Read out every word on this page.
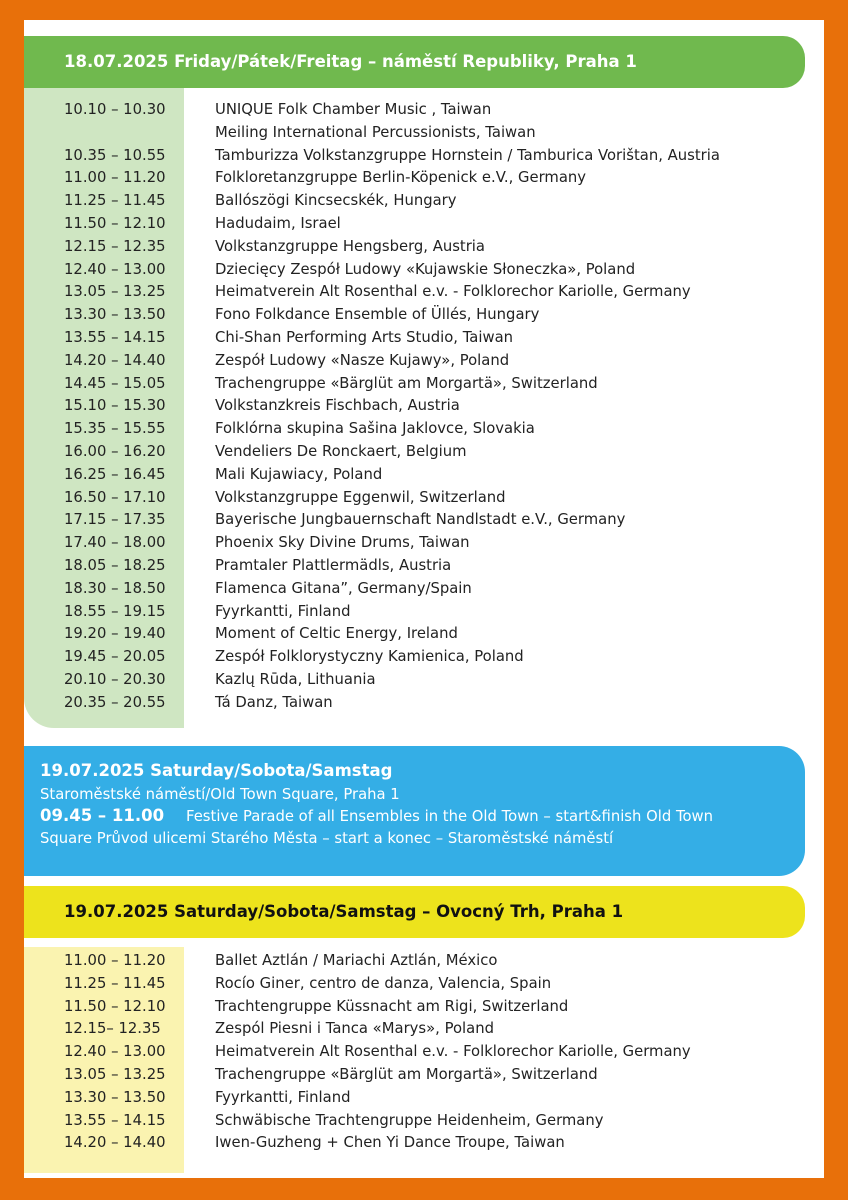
18.07.2025 Friday/Pátek/Freitag – náměstí Republiky, Praha 1
10.10 – 10.30	UNIQUE Folk Chamber Music , Taiwan
Meiling International Percussionists, Taiwan
10.35 – 10.55	Tamburizza Volkstanzgruppe Hornstein / Tamburica Vorištan, Austria
11.00 – 11.20	Folkloretanzgruppe Berlin-Köpenick e.V., Germany
11.25 – 11.45	Ballószögi Kincsecskék, Hungary
11.50 – 12.10	Hadudaim, Israel
12.15 – 12.35	Volkstanzgruppe Hengsberg, Austria
12.40 – 13.00	Dziecięcy Zespół Ludowy «Kujawskie Słoneczka», Poland
13.05 – 13.25	Heimatverein Alt Rosenthal e.v. - Folklorechor Kariolle, Germany
13.30 – 13.50	Fono Folkdance Ensemble of Üllés, Hungary
13.55 – 14.15	Chi-Shan Performing Arts Studio, Taiwan
14.20 – 14.40	Zespół Ludowy «Nasze Kujawy», Poland
14.45 – 15.05	Trachengruppe «Bärglüt am Morgartä», Switzerland
15.10 – 15.30	Volkstanzkreis Fischbach, Austria
15.35 – 15.55	Folklórna skupina Sašina Jaklovce, Slovakia
16.00 – 16.20	Vendeliers De Ronckaert, Belgium
16.25 – 16.45	Mali Kujawiacy, Poland
16.50 – 17.10	Volkstanzgruppe Eggenwil, Switzerland
17.15 – 17.35	Bayerische Jungbauernschaft Nandlstadt e.V., Germany
17.40 – 18.00	Phoenix Sky Divine Drums, Taiwan
18.05 – 18.25	Pramtaler Plattlermädls, Austria
18.30 – 18.50	Flamenca Gitana”, Germany/Spain
18.55 – 19.15	Fyyrkantti, Finland
19.20 – 19.40	Moment of Celtic Energy, Ireland
19.45 – 20.05	Zespół Folklorystyczny Kamienica, Poland
20.10 – 20.30	Kazlų Rūda, Lithuania
20.35 – 20.55	Tá Danz, Taiwan
19.07.2025 Saturday/Sobota/Samstag
Staroměstské náměstí/Old Town Square, Praha 1
09.45 – 11.00 Festive Parade of all Ensembles in the Old Town – start&finish Old Town
Square Průvod ulicemi Starého Města – start a konec – Staroměstské náměstí
19.07.2025 Saturday/Sobota/Samstag – Ovocný Trh, Praha 1
11.00 – 11.20	Ballet Aztlán / Mariachi Aztlán, México
11.25 – 11.45	Rocío Giner, centro de danza, Valencia, Spain
11.50 – 12.10	Trachtengruppe Küssnacht am Rigi, Switzerland
12.15– 12.35	Zespól Piesni i Tanca «Marys», Poland
12.40 – 13.00	Heimatverein Alt Rosenthal e.v. - Folklorechor Kariolle, Germany
13.05 – 13.25	Trachengruppe «Bärglüt am Morgartä», Switzerland
13.30 – 13.50	Fyyrkantti, Finland
13.55 – 14.15	Schwäbische Trachtengruppe Heidenheim, Germany
14.20 – 14.40	Iwen-Guzheng + Chen Yi Dance Troupe, Taiwan
